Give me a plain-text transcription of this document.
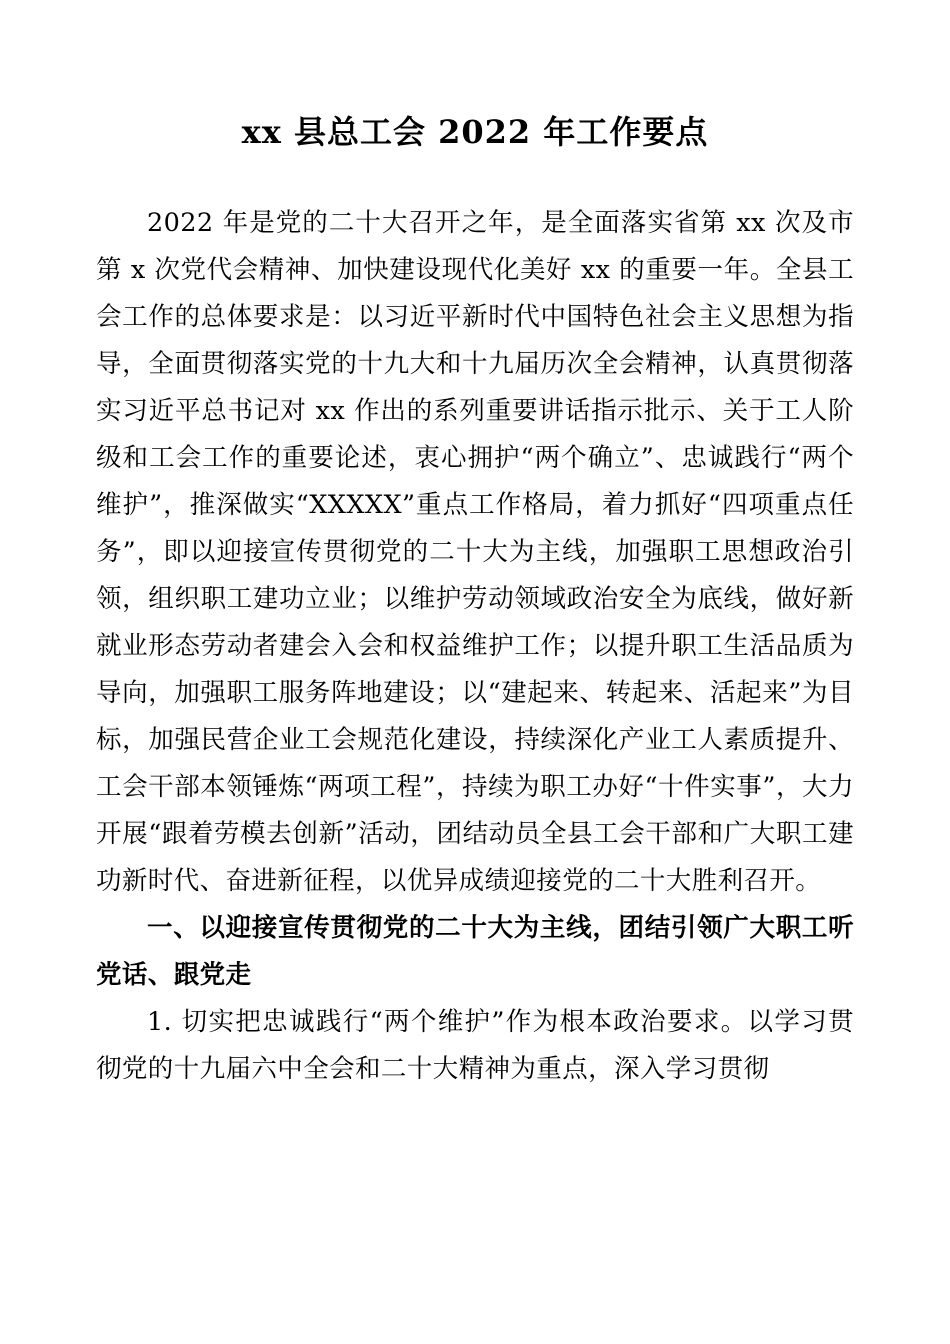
xx 县总工会 2022 年工作要点

2022 年是党的二十大召开之年，是全面落实省第 xx 次及市第 x 次党代会精神、加快建设现代化美好 xx 的重要一年。全县工会工作的总体要求是：以习近平新时代中国特色社会主义思想为指导，全面贯彻落实党的十九大和十九届历次全会精神，认真贯彻落实习近平总书记对 xx 作出的系列重要讲话指示批示、关于工人阶级和工会工作的重要论述，衷心拥护“两个确立”、忠诚践行“两个维护”，推深做实“XXXXX”重点工作格局，着力抓好“四项重点任务”，即以迎接宣传贯彻党的二十大为主线，加强职工思想政治引领，组织职工建功立业；以维护劳动领域政治安全为底线，做好新就业形态劳动者建会入会和权益维护工作；以提升职工生活品质为导向，加强职工服务阵地建设；以“建起来、转起来、活起来”为目标，加强民营企业工会规范化建设，持续深化产业工人素质提升、工会干部本领锤炼“两项工程”，持续为职工办好“十件实事”，大力开展“跟着劳模去创新”活动，团结动员全县工会干部和广大职工建功新时代、奋进新征程，以优异成绩迎接党的二十大胜利召开。

一、以迎接宣传贯彻党的二十大为主线，团结引领广大职工听党话、跟党走

1. 切实把忠诚践行“两个维护”作为根本政治要求。以学习贯彻党的十九届六中全会和二十大精神为重点，深入学习贯彻
